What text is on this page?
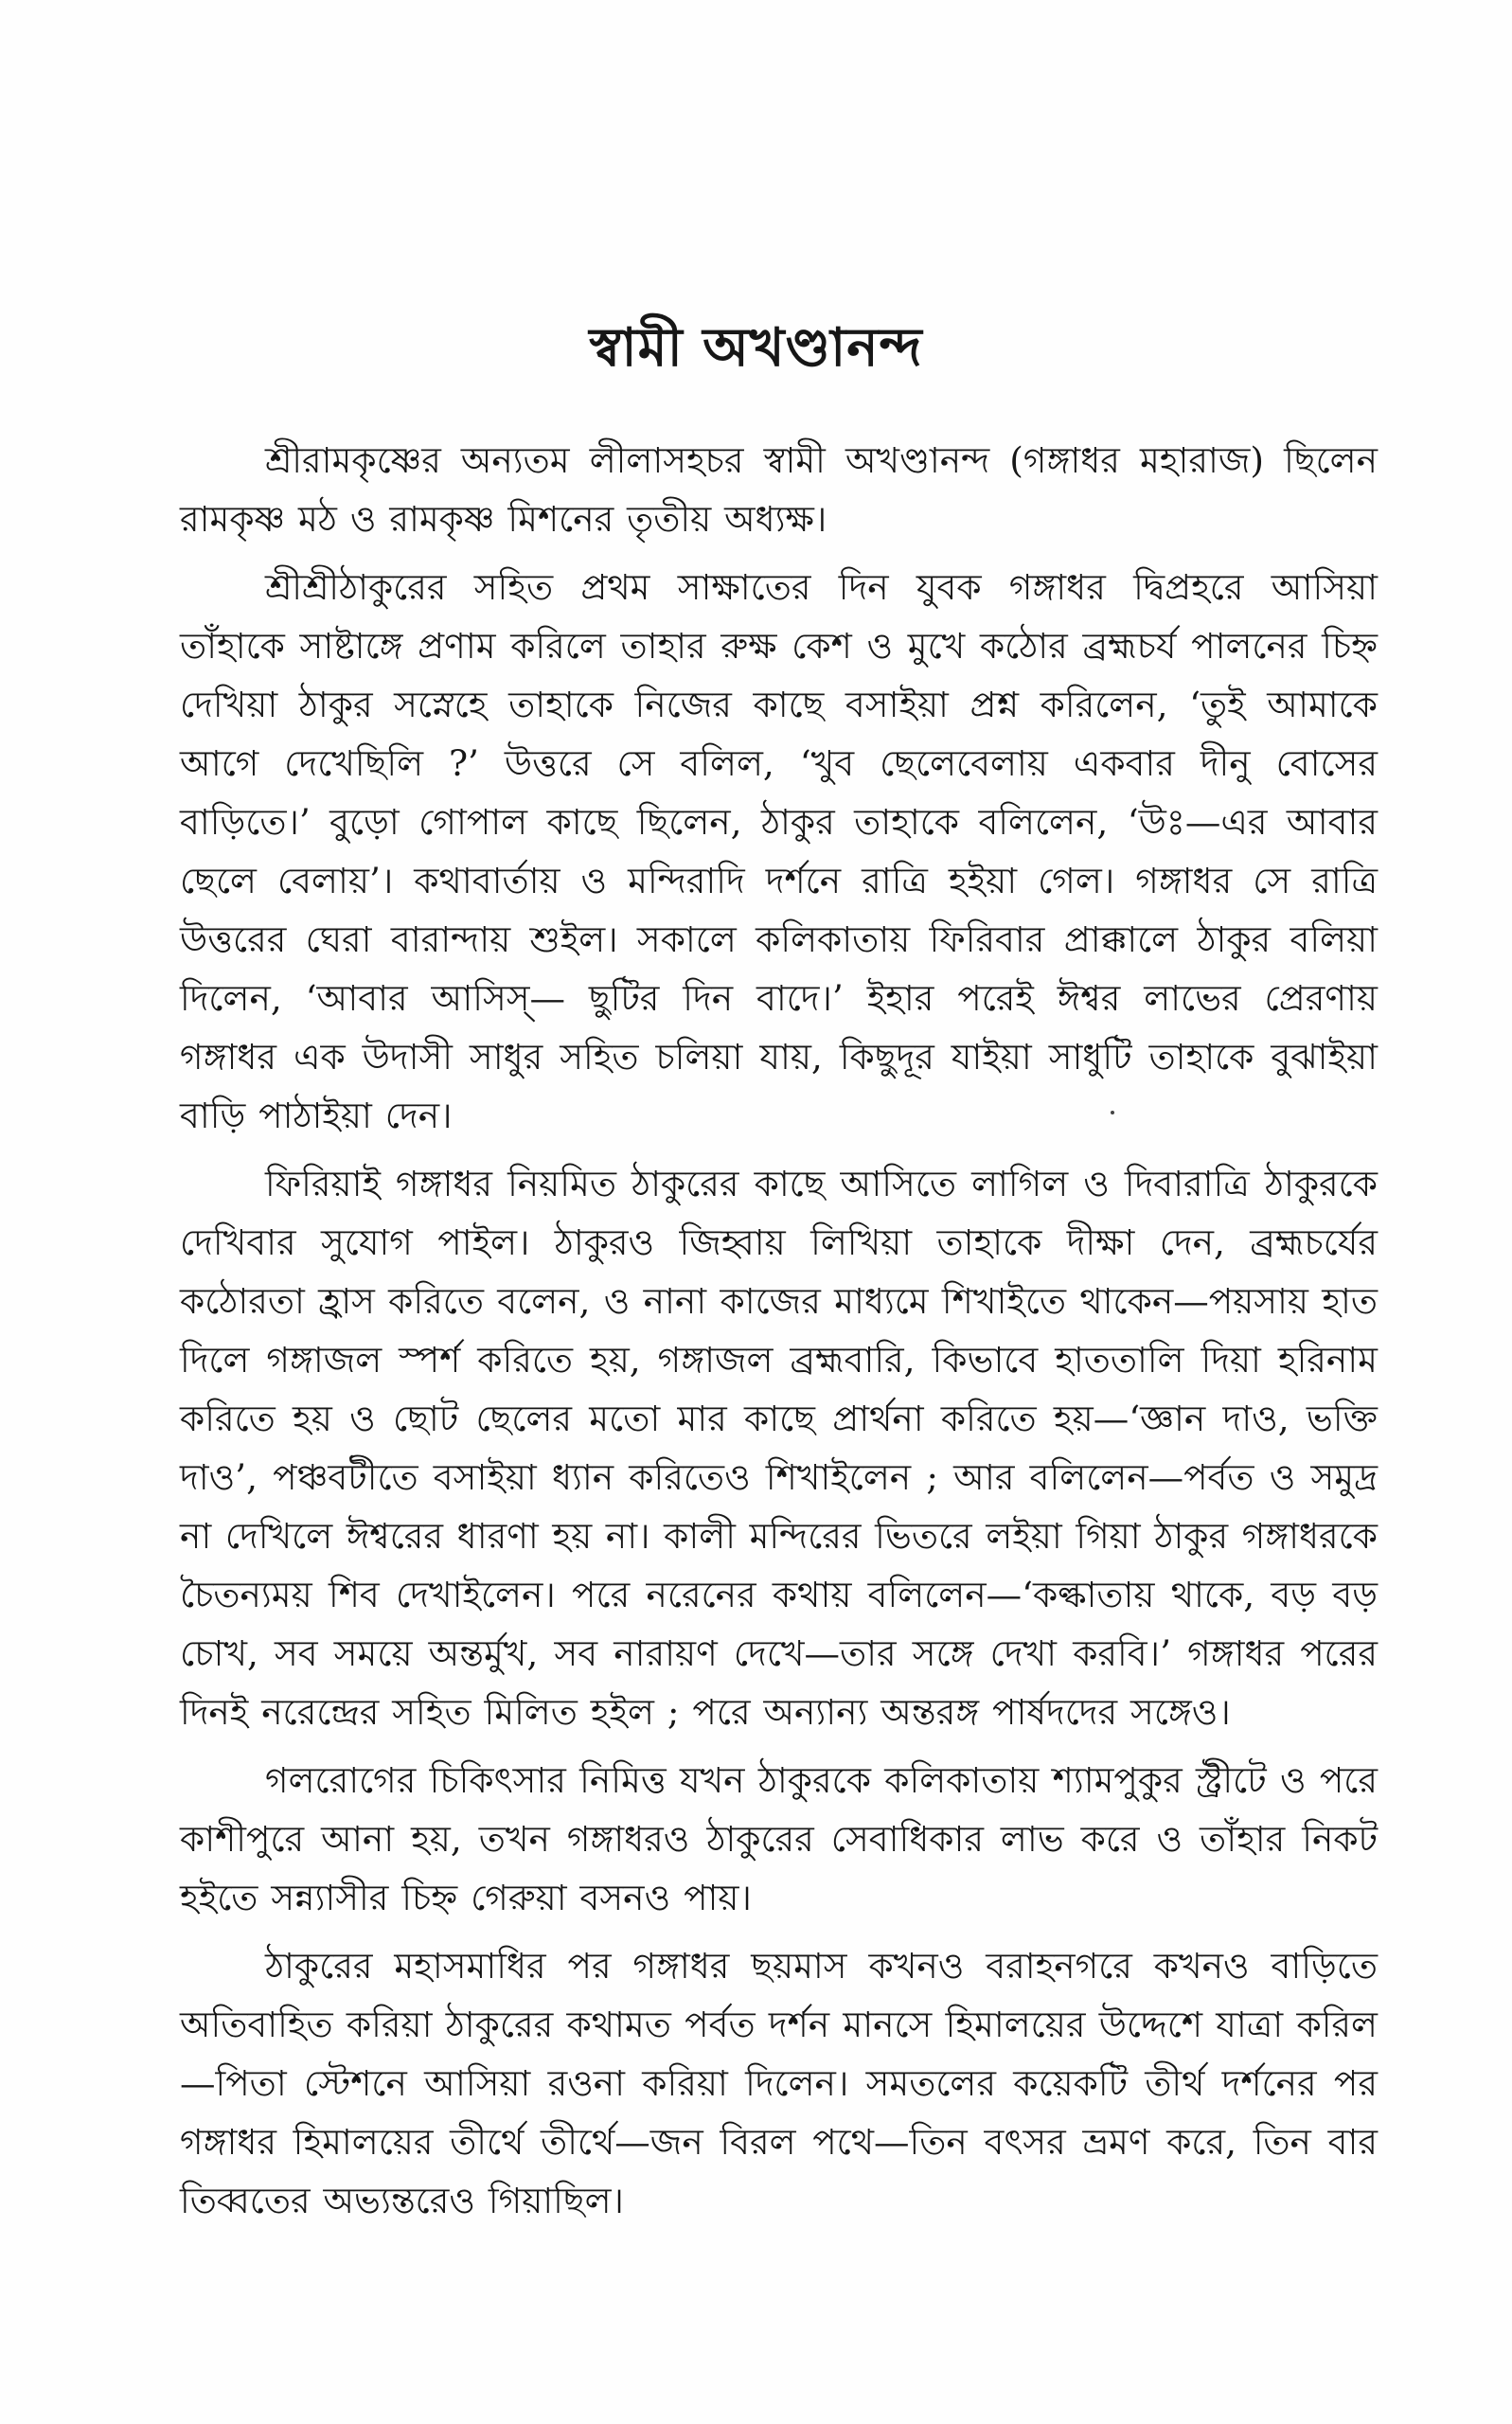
স্বামী অখণ্ডানন্দ

শ্রীরামকৃষ্ণের অন্যতম লীলাসহচর স্বামী অখণ্ডানন্দ (গঙ্গাধর মহারাজ) ছিলেন রামকৃষ্ণ মঠ ও রামকৃষ্ণ মিশনের তৃতীয় অধ্যক্ষ।

শ্রীশ্রীঠাকুরের সহিত প্রথম সাক্ষাতের দিন যুবক গঙ্গাধর দ্বিপ্রহরে আসিয়া তাঁহাকে সাষ্টাঙ্গে প্রণাম করিলে তাহার রুক্ষ কেশ ও মুখে কঠোর ব্রহ্মচর্য পালনের চিহ্ন দেখিয়া ঠাকুর সস্নেহে তাহাকে নিজের কাছে বসাইয়া প্রশ্ন করিলেন, ‘তুই আমাকে আগে দেখেছিলি ?’ উত্তরে সে বলিল, ‘খুব ছেলেবেলায় একবার দীনু বোসের বাড়িতে।’ বুড়ো গোপাল কাছে ছিলেন, ঠাকুর তাহাকে বলিলেন, ‘উঃ—এর আবার ছেলে বেলায়’। কথাবার্তায় ও মন্দিরাদি দর্শনে রাত্রি হইয়া গেল। গঙ্গাধর সে রাত্রি উত্তরের ঘেরা বারান্দায় শুইল। সকালে কলিকাতায় ফিরিবার প্রাক্কালে ঠাকুর বলিয়া দিলেন, ‘আবার আসিস্— ছুটির দিন বাদে।’ ইহার পরেই ঈশ্বর লাভের প্রেরণায় গঙ্গাধর এক উদাসী সাধুর সহিত চলিয়া যায়, কিছুদূর যাইয়া সাধুটি তাহাকে বুঝাইয়া বাড়ি পাঠাইয়া দেন।

ফিরিয়াই গঙ্গাধর নিয়মিত ঠাকুরের কাছে আসিতে লাগিল ও দিবারাত্রি ঠাকুরকে দেখিবার সুযোগ পাইল। ঠাকুরও জিহ্বায় লিখিয়া তাহাকে দীক্ষা দেন, ব্রহ্মচর্যের কঠোরতা হ্রাস করিতে বলেন, ও নানা কাজের মাধ্যমে শিখাইতে থাকেন—পয়সায় হাত দিলে গঙ্গাজল স্পর্শ করিতে হয়, গঙ্গাজল ব্রহ্মবারি, কিভাবে হাততালি দিয়া হরিনাম করিতে হয় ও ছোট ছেলের মতো মার কাছে প্রার্থনা করিতে হয়—‘জ্ঞান দাও, ভক্তি দাও’, পঞ্চবটীতে বসাইয়া ধ্যান করিতেও শিখাইলেন ; আর বলিলেন—পর্বত ও সমুদ্র না দেখিলে ঈশ্বরের ধারণা হয় না। কালী মন্দিরের ভিতরে লইয়া গিয়া ঠাকুর গঙ্গাধরকে চৈতন্যময় শিব দেখাইলেন। পরে নরেনের কথায় বলিলেন—‘কল্কাতায় থাকে, বড় বড় চোখ, সব সময়ে অন্তর্মুখ, সব নারায়ণ দেখে—তার সঙ্গে দেখা করবি।’ গঙ্গাধর পরের দিনই নরেন্দ্রের সহিত মিলিত হইল ; পরে অন্যান্য অন্তরঙ্গ পার্ষদদের সঙ্গেও।

গলরোগের চিকিৎসার নিমিত্ত যখন ঠাকুরকে কলিকাতায় শ্যামপুকুর স্ট্রীটে ও পরে কাশীপুরে আনা হয়, তখন গঙ্গাধরও ঠাকুরের সেবাধিকার লাভ করে ও তাঁহার নিকট হইতে সন্ন্যাসীর চিহ্ন গেরুয়া বসনও পায়।

ঠাকুরের মহাসমাধির পর গঙ্গাধর ছয়মাস কখনও বরাহনগরে কখনও বাড়িতে অতিবাহিত করিয়া ঠাকুরের কথামত পর্বত দর্শন মানসে হিমালয়ের উদ্দেশে যাত্রা করিল—পিতা স্টেশনে আসিয়া রওনা করিয়া দিলেন। সমতলের কয়েকটি তীর্থ দর্শনের পর গঙ্গাধর হিমালয়ের তীর্থে তীর্থে—জন বিরল পথে—তিন বৎসর ভ্রমণ করে, তিন বার তিব্বতের অভ্যন্তরেও গিয়াছিল।
